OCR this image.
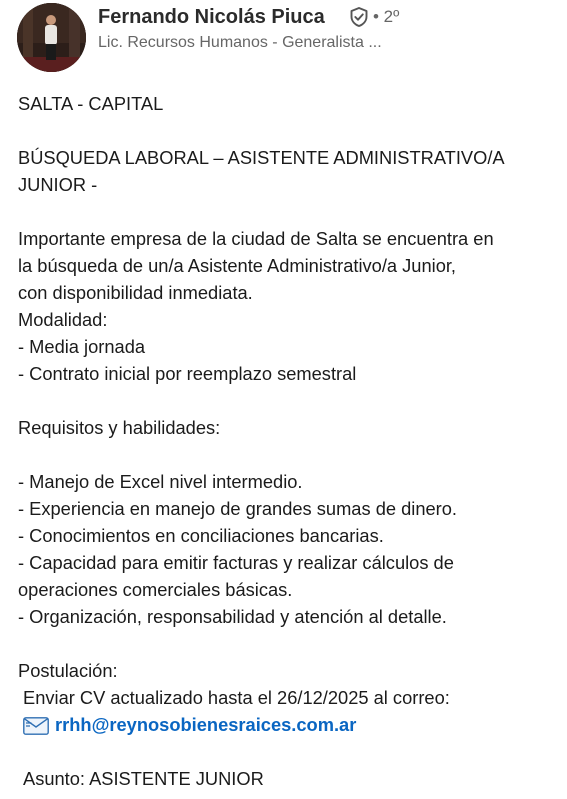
Fernando Nicolás Piuca	• 2º
Lic. Recursos Humanos - Generalista ...
SALTA - CAPITAL
BÚSQUEDA LABORAL – ASISTENTE ADMINISTRATIVO/A
JUNIOR -
Importante empresa de la ciudad de Salta se encuentra en
la búsqueda de un/a Asistente Administrativo/a Junior,
con disponibilidad inmediata.
Modalidad:
- Media jornada
- Contrato inicial por reemplazo semestral
Requisitos y habilidades:
- Manejo de Excel nivel intermedio.
- Experiencia en manejo de grandes sumas de dinero.
- Conocimientos en conciliaciones bancarias.
- Capacidad para emitir facturas y realizar cálculos de
operaciones comerciales básicas.
- Organización, responsabilidad y atención al detalle.
Postulación:
Enviar CV actualizado hasta el 26/12/2025 al correo:
rrhh@reynosobienesraices.com.ar
Asunto: ASISTENTE JUNIOR
